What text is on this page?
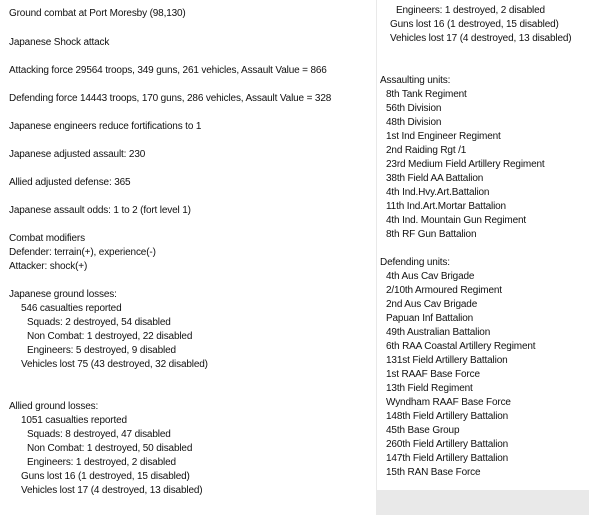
Ground combat at Port Moresby (98,130)
Japanese Shock attack
Attacking force 29564 troops, 349 guns, 261 vehicles, Assault Value = 866
Defending force 14443 troops, 170 guns, 286 vehicles, Assault Value = 328
Japanese engineers reduce fortifications to 1
Japanese adjusted assault: 230
Allied adjusted defense: 365
Japanese assault odds: 1 to 2 (fort level 1)
Combat modifiers
Defender: terrain(+), experience(-)
Attacker: shock(+)
Japanese ground losses:
546 casualties reported
Squads: 2 destroyed, 54 disabled
Non Combat: 1 destroyed, 22 disabled
Engineers: 5 destroyed, 9 disabled
Vehicles lost 75 (43 destroyed, 32 disabled)
Allied ground losses:
1051 casualties reported
Squads: 8 destroyed, 47 disabled
Non Combat: 1 destroyed, 50 disabled
Engineers: 1 destroyed, 2 disabled
Guns lost 16 (1 destroyed, 15 disabled)
Vehicles lost 17 (4 destroyed, 13 disabled)
Engineers: 1 destroyed, 2 disabled
Guns lost 16 (1 destroyed, 15 disabled)
Vehicles lost 17 (4 destroyed, 13 disabled)
Assaulting units:
8th Tank Regiment
56th Division
48th Division
1st Ind Engineer Regiment
2nd Raiding Rgt /1
23rd Medium Field Artillery Regiment
38th Field AA Battalion
4th Ind.Hvy.Art.Battalion
11th Ind.Art.Mortar Battalion
4th Ind. Mountain Gun Regiment
8th RF Gun Battalion
Defending units:
4th Aus Cav Brigade
2/10th Armoured Regiment
2nd Aus Cav Brigade
Papuan Inf Battalion
49th Australian Battalion
6th RAA Coastal Artillery Regiment
131st Field Artillery Battalion
1st RAAF Base Force
13th Field Regiment
Wyndham RAAF Base Force
148th Field Artillery Battalion
45th Base Group
260th Field Artillery Battalion
147th Field Artillery Battalion
15th RAN Base Force
